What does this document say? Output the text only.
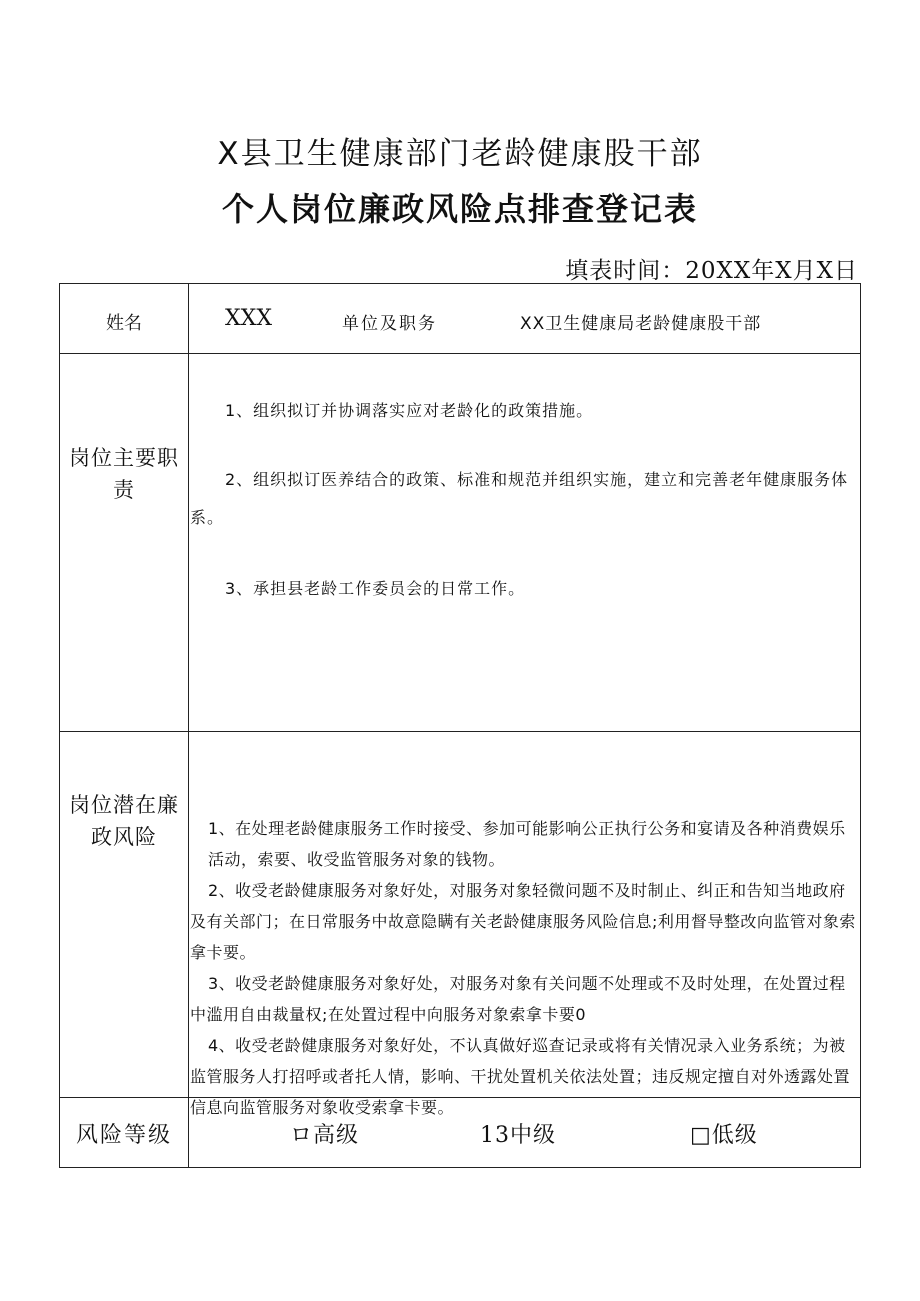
X县卫生健康部门老龄健康股干部
个人岗位廉政风险点排查登记表
填表时间：20XX年X月X日
姓名	XXX	单位及职务	XX卫生健康局老龄健康股干部
岗位主要职责
1、组织拟订并协调落实应对老龄化的政策措施。
2、组织拟订医养结合的政策、标准和规范并组织实施，建立和完善老年健康服务体系。
3、承担县老龄工作委员会的日常工作。
岗位潜在廉政风险	1、在处理老龄健康服务工作时接受、参加可能影响公正执行公务和宴请及各种消费娱乐活动，索要、收受监管服务对象的钱物。

2、收受老龄健康服务对象好处，对服务对象轻微问题不及时制止、纠正和告知当地政府及有关部门；在日常服务中故意隐瞒有关老龄健康服务风险信息;利用督导整改向监管对象索拿卡要。

3、收受老龄健康服务对象好处，对服务对象有关问题不处理或不及时处理，在处置过程中滥用自由裁量权;在处置过程中向服务对象索拿卡要0

4、收受老龄健康服务对象好处，不认真做好巡查记录或将有关情况录入业务系统；为被监管服务人打招呼或者托人情，影响、干扰处置机关依法处置；违反规定擅自对外透露处置信息向监管服务对象收受索拿卡要。

风险等级	ロ高级	13中级	□低级
